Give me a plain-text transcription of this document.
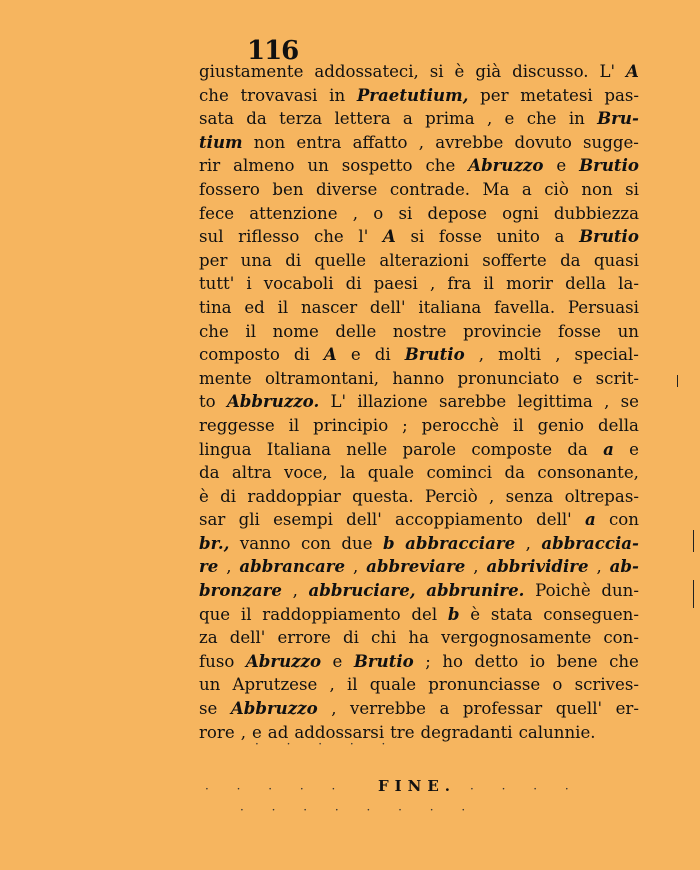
116
giustamente addossateci, si è già discusso. L' A
che trovavasi in Praetutium, per metatesi pas-
sata da terza lettera a prima , e che in Bru-
tium non entra affatto , avrebbe dovuto sugge-
rir almeno un sospetto che Abruzzo e Brutio
fossero ben diverse contrade. Ma a ciò non si
fece attenzione , o si depose ogni dubbiezza
sul riflesso che l' A si fosse unito a Brutio
per una di quelle alterazioni sofferte da quasi
tutt' i vocaboli di paesi , fra il morir della la-
tina ed il nascer dell' italiana favella. Persuasi
che il nome delle nostre provincie fosse un
composto di A e di Brutio , molti , special-
mente oltramontani, hanno pronunciato e scrit-
to Abbruzzo. L' illazione sarebbe legittima , se
reggesse il principio ; perocchè il genio della
lingua Italiana nelle parole composte da a e
da altra voce, la quale cominci da consonante,
è di raddoppiar questa. Perciò , senza oltrepas-
sar gli esempi dell' accoppiamento dell' a con
br., vanno con due b abbracciare , abbraccia-
re , abbrancare , abbreviare , abbrividire , ab-
bronzare , abbruciare, abbrunire. Poichè dun-
que il raddoppiamento del b è stata conseguen-
za dell' errore di chi ha vergognosamente con-
fuso Abruzzo e Brutio ; ho detto io bene che
un Aprutzese , il quale pronunciasse o scrives-
se Abbruzzo , verrebbe a professar quell' er-
rore , e ad addossarsi tre degradanti calunnie.
FINE.
· · · · ·
· · · · ·	· · · ·
· · · · · · · ·
